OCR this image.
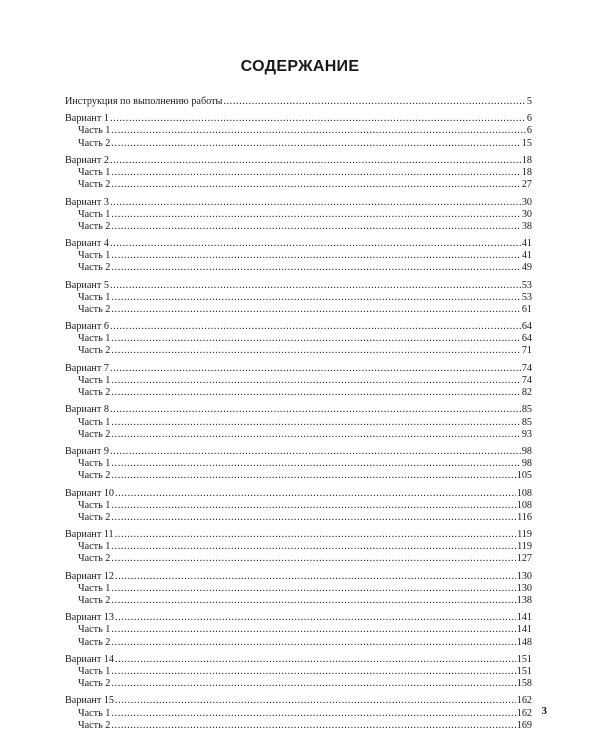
СОДЕРЖАНИЕ
Инструкция по выполнению работы .....	5
Вариант 1 .....	6
Часть 1 .....	6
Часть 2 .....	15
Вариант 2 .....	18
Часть 1 .....	18
Часть 2 .....	27
Вариант 3 .....	30
Часть 1 .....	30
Часть 2 .....	38
Вариант 4 .....	41
Часть 1 .....	41
Часть 2 .....	49
Вариант 5 .....	53
Часть 1 .....	53
Часть 2 .....	61
Вариант 6 .....	64
Часть 1 .....	64
Часть 2 .....	71
Вариант 7 .....	74
Часть 1 .....	74
Часть 2 .....	82
Вариант 8 .....	85
Часть 1 .....	85
Часть 2 .....	93
Вариант 9 .....	98
Часть 1 .....	98
Часть 2 .....	105
Вариант 10 .....	108
Часть 1 .....	108
Часть 2 .....	116
Вариант 11 .....	119
Часть 1 .....	119
Часть 2 .....	127
Вариант 12 .....	130
Часть 1 .....	130
Часть 2 .....	138
Вариант 13 .....	141
Часть 1 .....	141
Часть 2 .....	148
Вариант 14 .....	151
Часть 1 .....	151
Часть 2 .....	158
Вариант 15 .....	162
Часть 1 .....	162
Часть 2 .....	169
3
